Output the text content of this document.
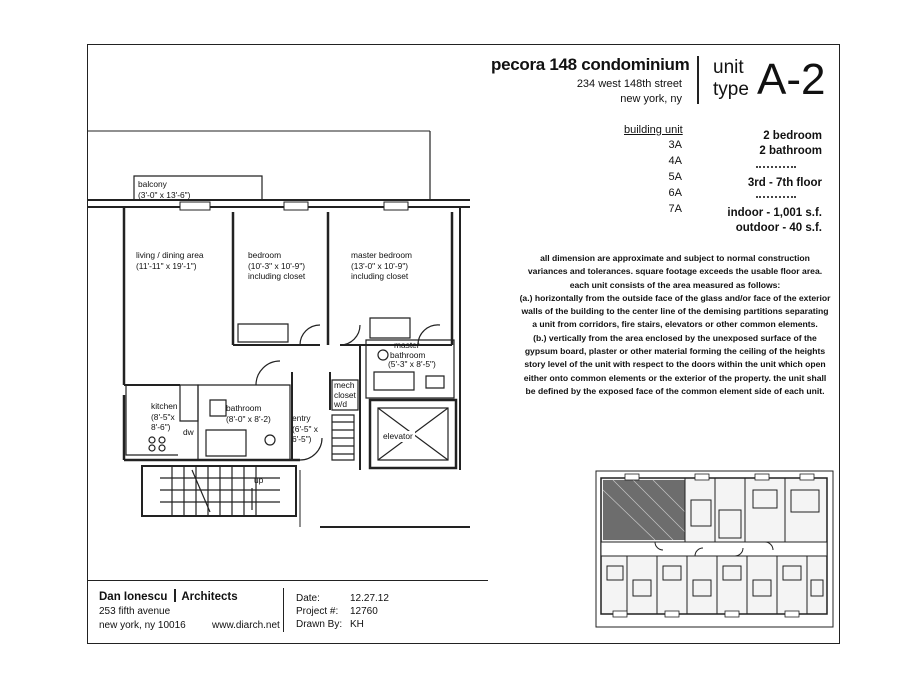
pecora 148 condominium
234 west 148th street
new york, ny
unit
type A-2
building unit
3A
4A
5A
6A
7A
2 bedroom
2 bathroom
3rd - 7th floor
indoor - 1,001 s.f.
outdoor - 40 s.f.
all dimension are approximate and subject to normal construction
variances and tolerances. square footage exceeds the usable floor area.
each unit consists of the area measured as follows:
(a.) horizontally from the outside face of the glass and/or face of the exterior
walls of the building to the center line of the demising partitions separating
a unit from corridors, fire stairs, elevators or other common elements.
(b.) vertically from the area enclosed by the unexposed surface of the
gypsum board, plaster or other material forming the ceiling of the heights
story level of the unit with respect to the doors within the unit which open
either onto common elements or the exterior of the property. the unit shall
be defined by the exposed face of the common element side of each unit.
balcony
(3'-0" x 13'-6")
living / dining area
(11'-11" x 19'-1")
bedroom
(10'-3" x 10'-9")
including closet
master bedroom
(13'-0" x 10'-9")
including closet
master
bathroom
(5'-3" x 8'-5")
kitchen
(8'-5"x
8'-6")	dw
bathroom
(8'-0" x 8'-2)	entry
(6'-5" x
6'-5")
mech
closet
w/d
elevator
up
Dan Ionescu Architects
253 fifth avenue
new york, ny 10016	www.diarch.net
Date:	12.27.12
Project #: 12760
Drawn By: KH
